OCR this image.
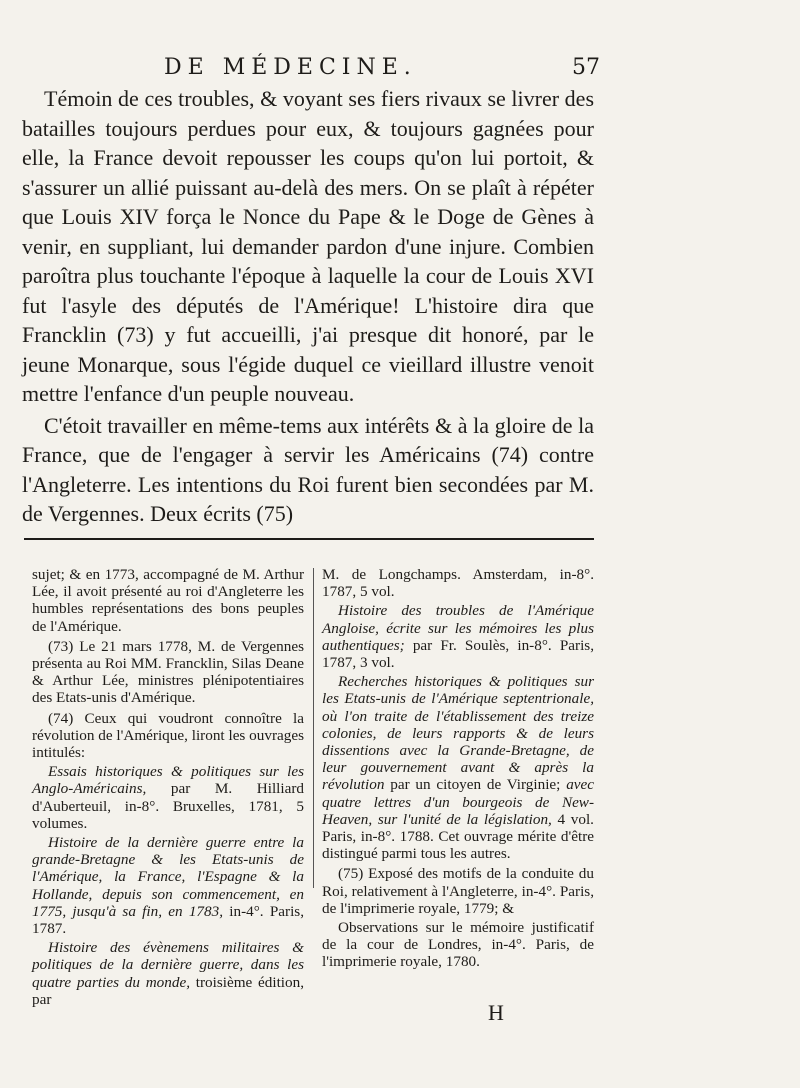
DE MÉDECINE.	57

Témoin de ces troubles, & voyant ses fiers rivaux se livrer des batailles toujours perdues pour eux, & toujours gagnées pour elle, la France devoit repousser les coups qu'on lui portoit, & s'assurer un allié puissant au-delà des mers. On se plaît à répéter que Louis XIV força le Nonce du Pape & le Doge de Gènes à venir, en suppliant, lui demander pardon d'une injure. Combien paroîtra plus touchante l'époque à laquelle la cour de Louis XVI fut l'asyle des députés de l'Amérique! L'histoire dira que Francklin (73) y fut accueilli, j'ai presque dit honoré, par le jeune Monarque, sous l'égide duquel ce vieillard illustre venoit mettre l'enfance d'un peuple nouveau.

C'étoit travailler en même-tems aux intérêts & à la gloire de la France, que de l'engager à servir les Américains (74) contre l'Angleterre. Les intentions du Roi furent bien secondées par M. de Vergennes. Deux écrits (75)

sujet; & en 1773, accompagné de M. Arthur Lée, il avoit présenté au roi d'Angleterre les humbles représentations des bons peuples de l'Amérique.

(73) Le 21 mars 1778, M. de Vergennes présenta au Roi MM. Francklin, Silas Deane & Arthur Lée, ministres plénipotentiaires des Etats-unis d'Amérique.

(74) Ceux qui voudront connoître la révolution de l'Amérique, liront les ouvrages intitulés:

Essais historiques & politiques sur les Anglo-Américains, par M. Hilliard d'Auberteuil, in-8°. Bruxelles, 1781, 5 volumes.

Histoire de la dernière guerre entre la grande-Bretagne & les Etats-unis de l'Amérique, la France, l'Espagne & la Hollande, depuis son commencement, en 1775, jusqu'à sa fin, en 1783, in-4°. Paris, 1787.

Histoire des évènemens militaires & politiques de la dernière guerre, dans les quatre parties du monde, troisième édition, par

M. de Longchamps. Amsterdam, in-8°. 1787, 5 vol.

Histoire des troubles de l'Amérique Angloise, écrite sur les mémoires les plus authentiques; par Fr. Soulès, in-8°. Paris, 1787, 3 vol.

Recherches historiques & politiques sur les Etats-unis de l'Amérique septentrionale, où l'on traite de l'établissement des treize colonies, de leurs rapports & de leurs dissentions avec la Grande-Bretagne, de leur gouvernement avant & après la révolution par un citoyen de Virginie; avec quatre lettres d'un bourgeois de New-Heaven, sur l'unité de la législation, 4 vol. Paris, in-8°. 1788. Cet ouvrage mérite d'être distingué parmi tous les autres.

(75) Exposé des motifs de la conduite du Roi, relativement à l'Angleterre, in-4°. Paris, de l'imprimerie royale, 1779; &

Observations sur le mémoire justificatif de la cour de Londres, in-4°. Paris, de l'imprimerie royale, 1780.

H
